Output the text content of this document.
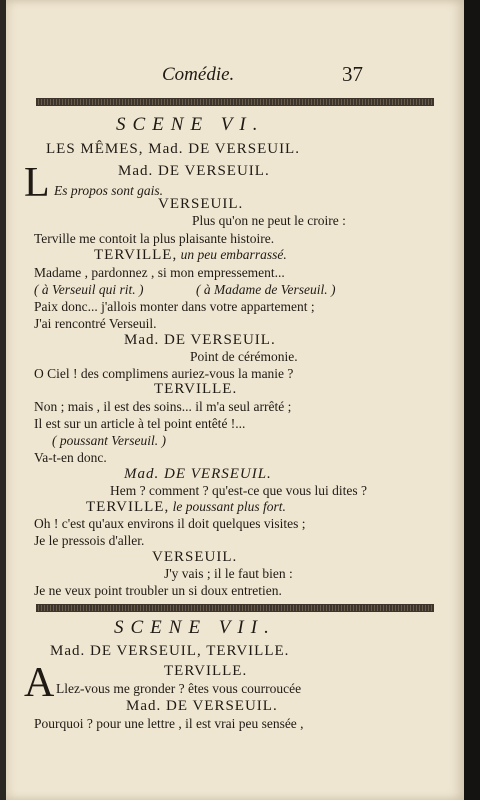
Comédie.	37
SCENE VI.
LES MÊMES, Mad. DE VERSEUIL.
Mad. DE VERSEUIL.
L Es propos sont gais.
VERSEUIL.
Plus qu'on ne peut le croire :
Terville me contoit la plus plaisante histoire.
TERVILLE, un peu embarrassé.
Madame , pardonnez , si mon empressement...
( à Verseuil qui rit. )	( à Madame de Verseuil. )
Paix donc... j'allois monter dans votre appartement ;
J'ai rencontré Verseuil.
Mad. DE VERSEUIL.
Point de cérémonie.
O Ciel ! des complimens auriez-vous la manie ?
TERVILLE.
Non ; mais , il est des soins... il m'a seul arrêté ;
Il est sur un article à tel point entêté !...
( poussant Verseuil. )
Va-t-en donc.
Mad. DE VERSEUIL.
Hem ? comment ? qu'est-ce que vous lui dites ?
TERVILLE, le poussant plus fort.
Oh ! c'est qu'aux environs il doit quelques visites ;
Je le pressois d'aller.
VERSEUIL.
J'y vais ; il le faut bien :
Je ne veux point troubler un si doux entretien.
SCENE VII.
Mad. DE VERSEUIL, TERVILLE.
TERVILLE.
A Llez-vous me gronder ? êtes vous courroucée
Mad. DE VERSEUIL.
Pourquoi ? pour une lettre , il est vrai peu sensée ,
